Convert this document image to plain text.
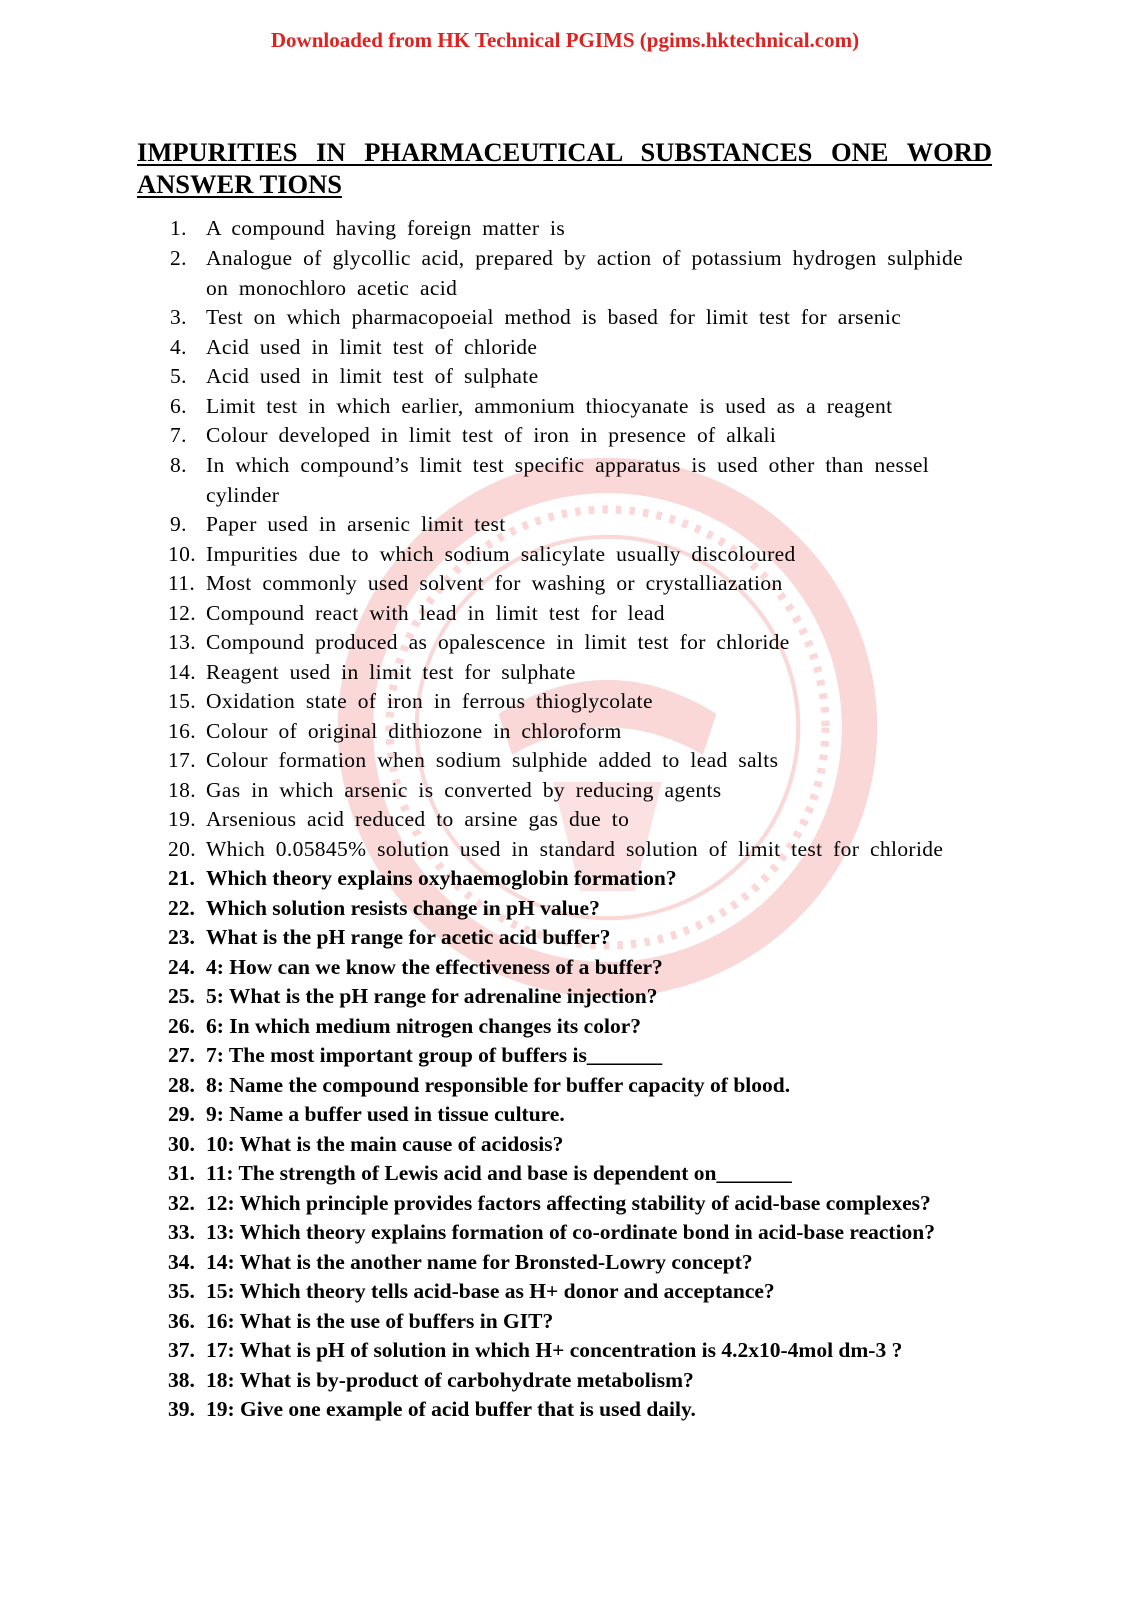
Downloaded from HK Technical PGIMS (pgims.hktechnical.com)
IMPURITIES IN PHARMACEUTICAL SUBSTANCES ONE WORD ANSWER TIONS
1. A compound having foreign matter is
2. Analogue of glycollic acid, prepared by action of potassium hydrogen sulphide
on monochloro acetic acid
3. Test on which pharmacopoeial method is based for limit test for arsenic
4. Acid used in limit test of chloride
5. Acid used in limit test of sulphate
6. Limit test in which earlier, ammonium thiocyanate is used as a reagent
7. Colour developed in limit test of iron in presence of alkali
8. In which compound’s limit test specific apparatus is used other than nessel
cylinder
9. Paper used in arsenic limit test
10. Impurities due to which sodium salicylate usually discoloured
11. Most commonly used solvent for washing or crystalliazation
12. Compound react with lead in limit test for lead
13. Compound produced as opalescence in limit test for chloride
14. Reagent used in limit test for sulphate
15. Oxidation state of iron in ferrous thioglycolate
16. Colour of original dithiozone in chloroform
17. Colour formation when sodium sulphide added to lead salts
18. Gas in which arsenic is converted by reducing agents
19. Arsenious acid reduced to arsine gas due to
20. Which 0.05845% solution used in standard solution of limit test for chloride
21. Which theory explains oxyhaemoglobin formation?
22. Which solution resists change in pH value?
23. What is the pH range for acetic acid buffer?
24. 4: How can we know the effectiveness of a buffer?
25. 5: What is the pH range for adrenaline injection?
26. 6: In which medium nitrogen changes its color?
27. 7: The most important group of buffers is_______
28. 8: Name the compound responsible for buffer capacity of blood.
29. 9: Name a buffer used in tissue culture.
30. 10: What is the main cause of acidosis?
31. 11: The strength of Lewis acid and base is dependent on_______
32. 12: Which principle provides factors affecting stability of acid-base complexes?
33. 13: Which theory explains formation of co-ordinate bond in acid-base reaction?
34. 14: What is the another name for Bronsted-Lowry concept?
35. 15: Which theory tells acid-base as H+ donor and acceptance?
36. 16: What is the use of buffers in GIT?
37. 17: What is pH of solution in which H+ concentration is 4.2x10-4mol dm-3 ?
38. 18: What is by-product of carbohydrate metabolism?
39. 19: Give one example of acid buffer that is used daily.
